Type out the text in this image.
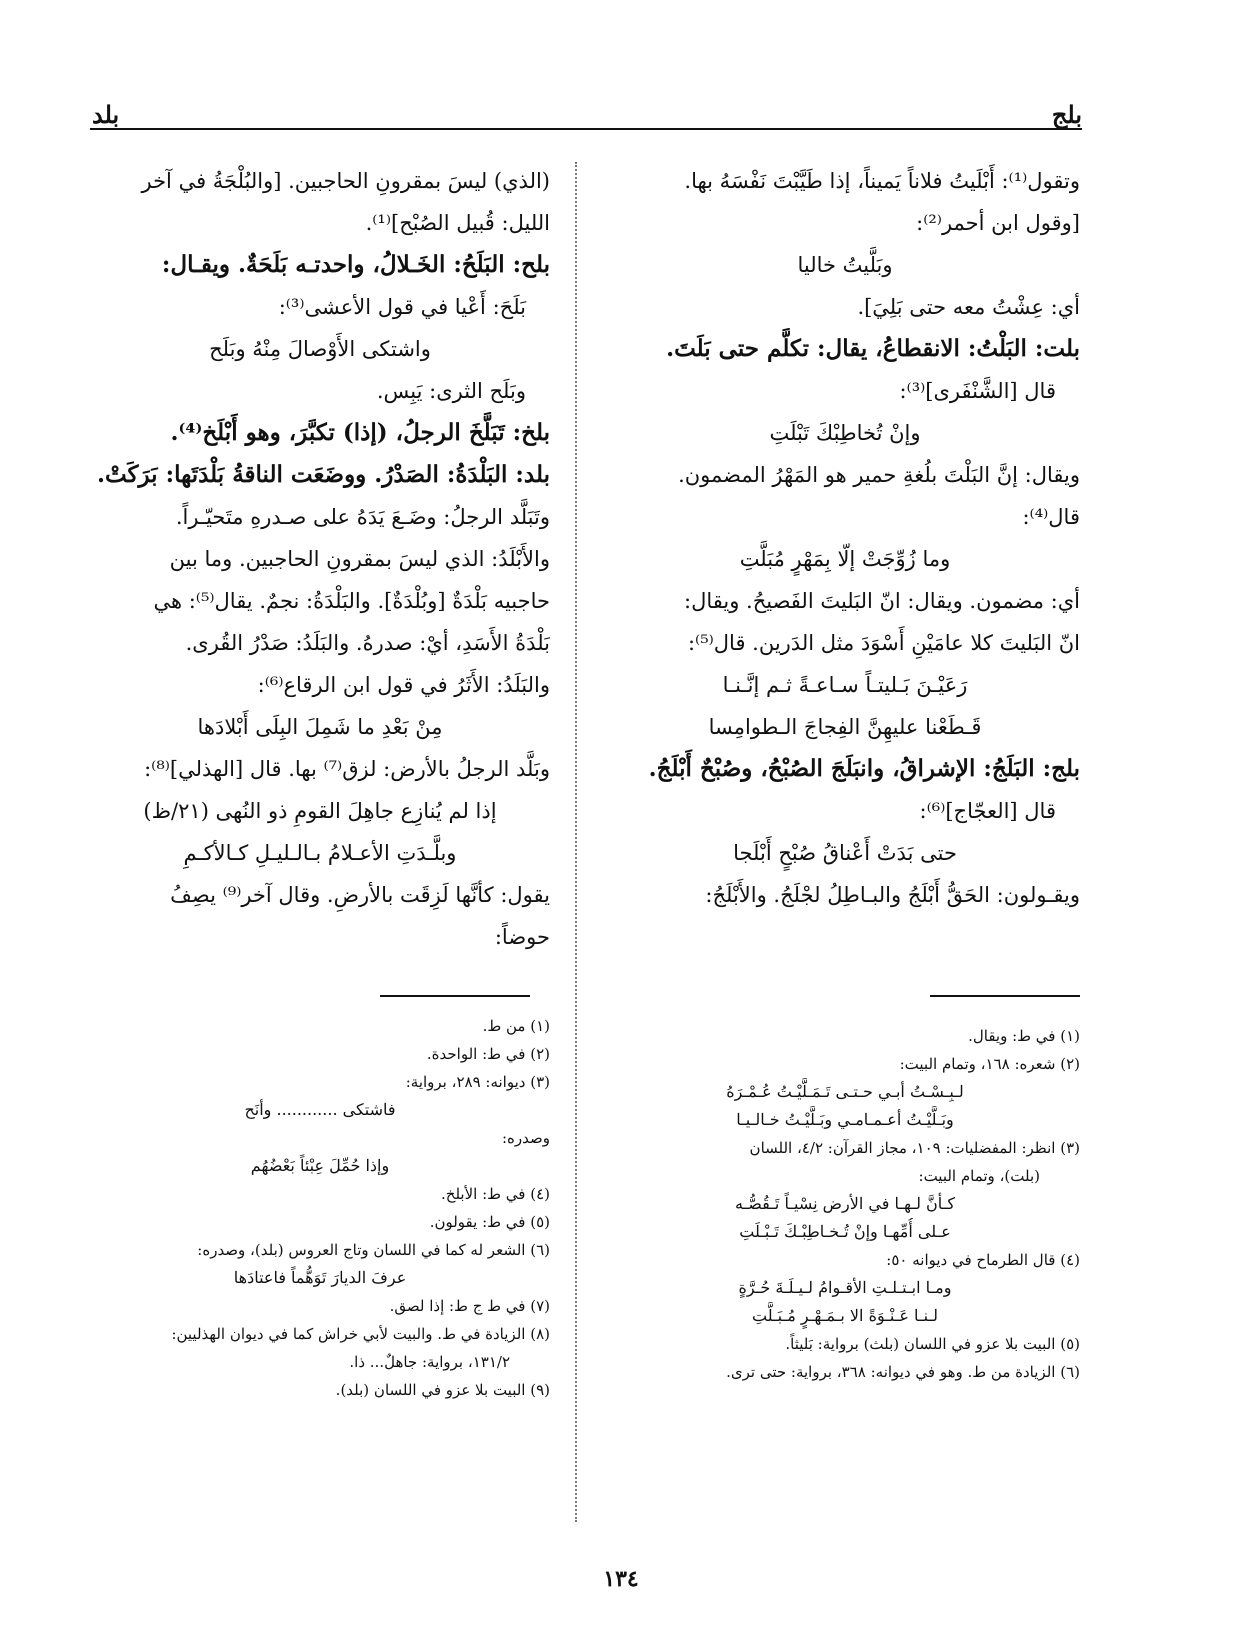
بلج
بلد
وتقول⁽¹⁾: أَبْلَيتُ فلاناً يَميناً، إذا طَيَّبْتَ نَفْسَهُ بها.
[وقول ابن أحمر⁽²⁾:
وبَلَّيتُ خاليا
أي: عِشْتُ معه حتى بَلِيَ].
بلت: البَلْتُ: الانقطاعُ، يقال: تكلَّم حتى بَلَتَ.
قال [الشَّنْفَرى]⁽³⁾:
وإنْ تُخاطِبْكَ تَبْلَتِ
ويقال: إنَّ البَلْتَ بلُغةِ حمير هو المَهْرُ المضمون.
قال⁽⁴⁾:
وما زُوِّجَتْ إلّا بِمَهْرٍ مُبَلَّتِ
أي: مضمون. ويقال: انّ البَليتَ الفَصيحُ. ويقال:
انّ البَليتَ كلا عامَيْنِ أَسْوَدَ مثل الدَرين. قال⁽⁵⁾:
رَعَيْـنَ بَـليتـاً سـاعـةً ثـم إنَّـنـا
قَـطَعْنا عليهِنَّ الفِجاجَ الـطوامِسا
بلج: البَلَجُ: الإشراقُ، وانبَلَجَ الصُبْحُ، وصُبْحٌ أَبْلَجُ.
قال [العجّاج]⁽⁶⁾:
حتى بَدَتْ أَعْناقُ صُبْحٍ أَبْلَجا
ويقـولون: الحَقُّ أَبْلَجُ والبـاطِلُ لجْلَجُ. والأَبْلَجُ:
(الذي) ليسَ بمقرونِ الحاجبين. [والبُلْجَةُ في آخر
الليل: قُبيل الصُبْح]⁽¹⁾.
بلح: البَلَحُ: الخَـلالُ، واحدتـه بَلَحَةٌ. ويقـال:
بَلَحَ: أَعْيا في قول الأعشى⁽³⁾:
واشتكى الأَوْصالَ مِنْهُ وبَلَح
وبَلَح الثرى: يَبِس.
بلخ: تَبَلَّخَ الرجلُ، (إذا) تكبَّرَ، وهو أَبْلَخ⁽⁴⁾.
بلد: البَلْدَةُ: الصَدْرُ. ووضَعَت الناقةُ بَلْدَتَها: بَرَكَتْ.
وتَبَلَّد الرجلُ: وضَـعَ يَدَهُ على صـدرهِ متَحيّـراً.
والأَبْلَدُ: الذي ليسَ بمقرونِ الحاجبين. وما بين
حاجبيه بَلْدَةٌ [وبُلْدَةٌ]. والبَلْدَةُ: نجمٌ. يقال⁽⁵⁾: هي
بَلْدَةُ الأَسَدِ، أيْ: صدرهُ. والبَلَدُ: صَدْرُ القُرى.
والبَلَدُ: الأَثَرُ في قول ابن الرقاع⁽⁶⁾:
مِنْ بَعْدِ ما شَمِلَ البِلَى أَبْلادَها
وبَلَّد الرجلُ بالأرض: لزق⁽⁷⁾ بها. قال [الهذلي]⁽⁸⁾:
إذا لم يُنازِع جاهِلَ القومِ ذو النُهى (٢١/ظ)
وبلَّـدَتِ الأعـلامُ بـالـليـلِ كـالأكـمِ
يقول: كأنَّها لَزِقَت بالأرضِ. وقال آخر⁽⁹⁾ يصِفُ
حوضاً:
(١) في ط: ويقال.
(٢) شعره: ١٦٨، وتمام البيت:
لـبِـسْـتُ أبـي حـتـى تَـمَـلَّيْـتُ عُـمْـرَهُ
وبَـلَّيْـتُ أعـمـامـي وبَـلَّيْـتُ خـالـيـا
(٣) انظر: المفضليات: ١٠٩، مجاز القرآن: ٤/٢، اللسان
(بلت)، وتمام البيت:
كـأنَّ لـهـا في الأرض نِسْيـاً تَـقُصُّـه
عـلى أُمِّهـا وإنْ تُـخـاطِبْـكَ تَـبْـلَتِ
(٤) قال الطرماح في ديوانه ٥٠:
ومـا ابـتـلـتِ الأقـوامُ لـيـلَـةَ حُـرَّةٍ
لـنـا عَـنْـوَةً الا بـمَـهْـرٍ مُـبَـلَّتِ
(٥) البيت بلا عزو في اللسان (بلث) برواية: بَليثاً.
(٦) الزيادة من ط. وهو في ديوانه: ٣٦٨، برواية: حتى ترى.
(١) من ط.
(٢) في ط: الواحدة.
(٣) ديوانه: ٢٨٩، برواية:
فاشتكى ............ وأنَح
وصدره:
وإذا حُمِّلَ عِبْئاً بَعْضُهُم
(٤) في ط: الأبلخ.
(٥) في ط: يقولون.
(٦) الشعر له كما في اللسان وتاج العروس (بلد)، وصدره:
عرفَ الديارَ تَوَهُّماً فاعتادَها
(٧) في ط ج ط: إذا لصق.
(٨) الزيادة في ط. والبيت لأبي خراش كما في ديوان الهذليين:
١٣١/٢، برواية: جاهلٌ... ذا.
(٩) البيت بلا عزو في اللسان (بلد).
١٣٤
